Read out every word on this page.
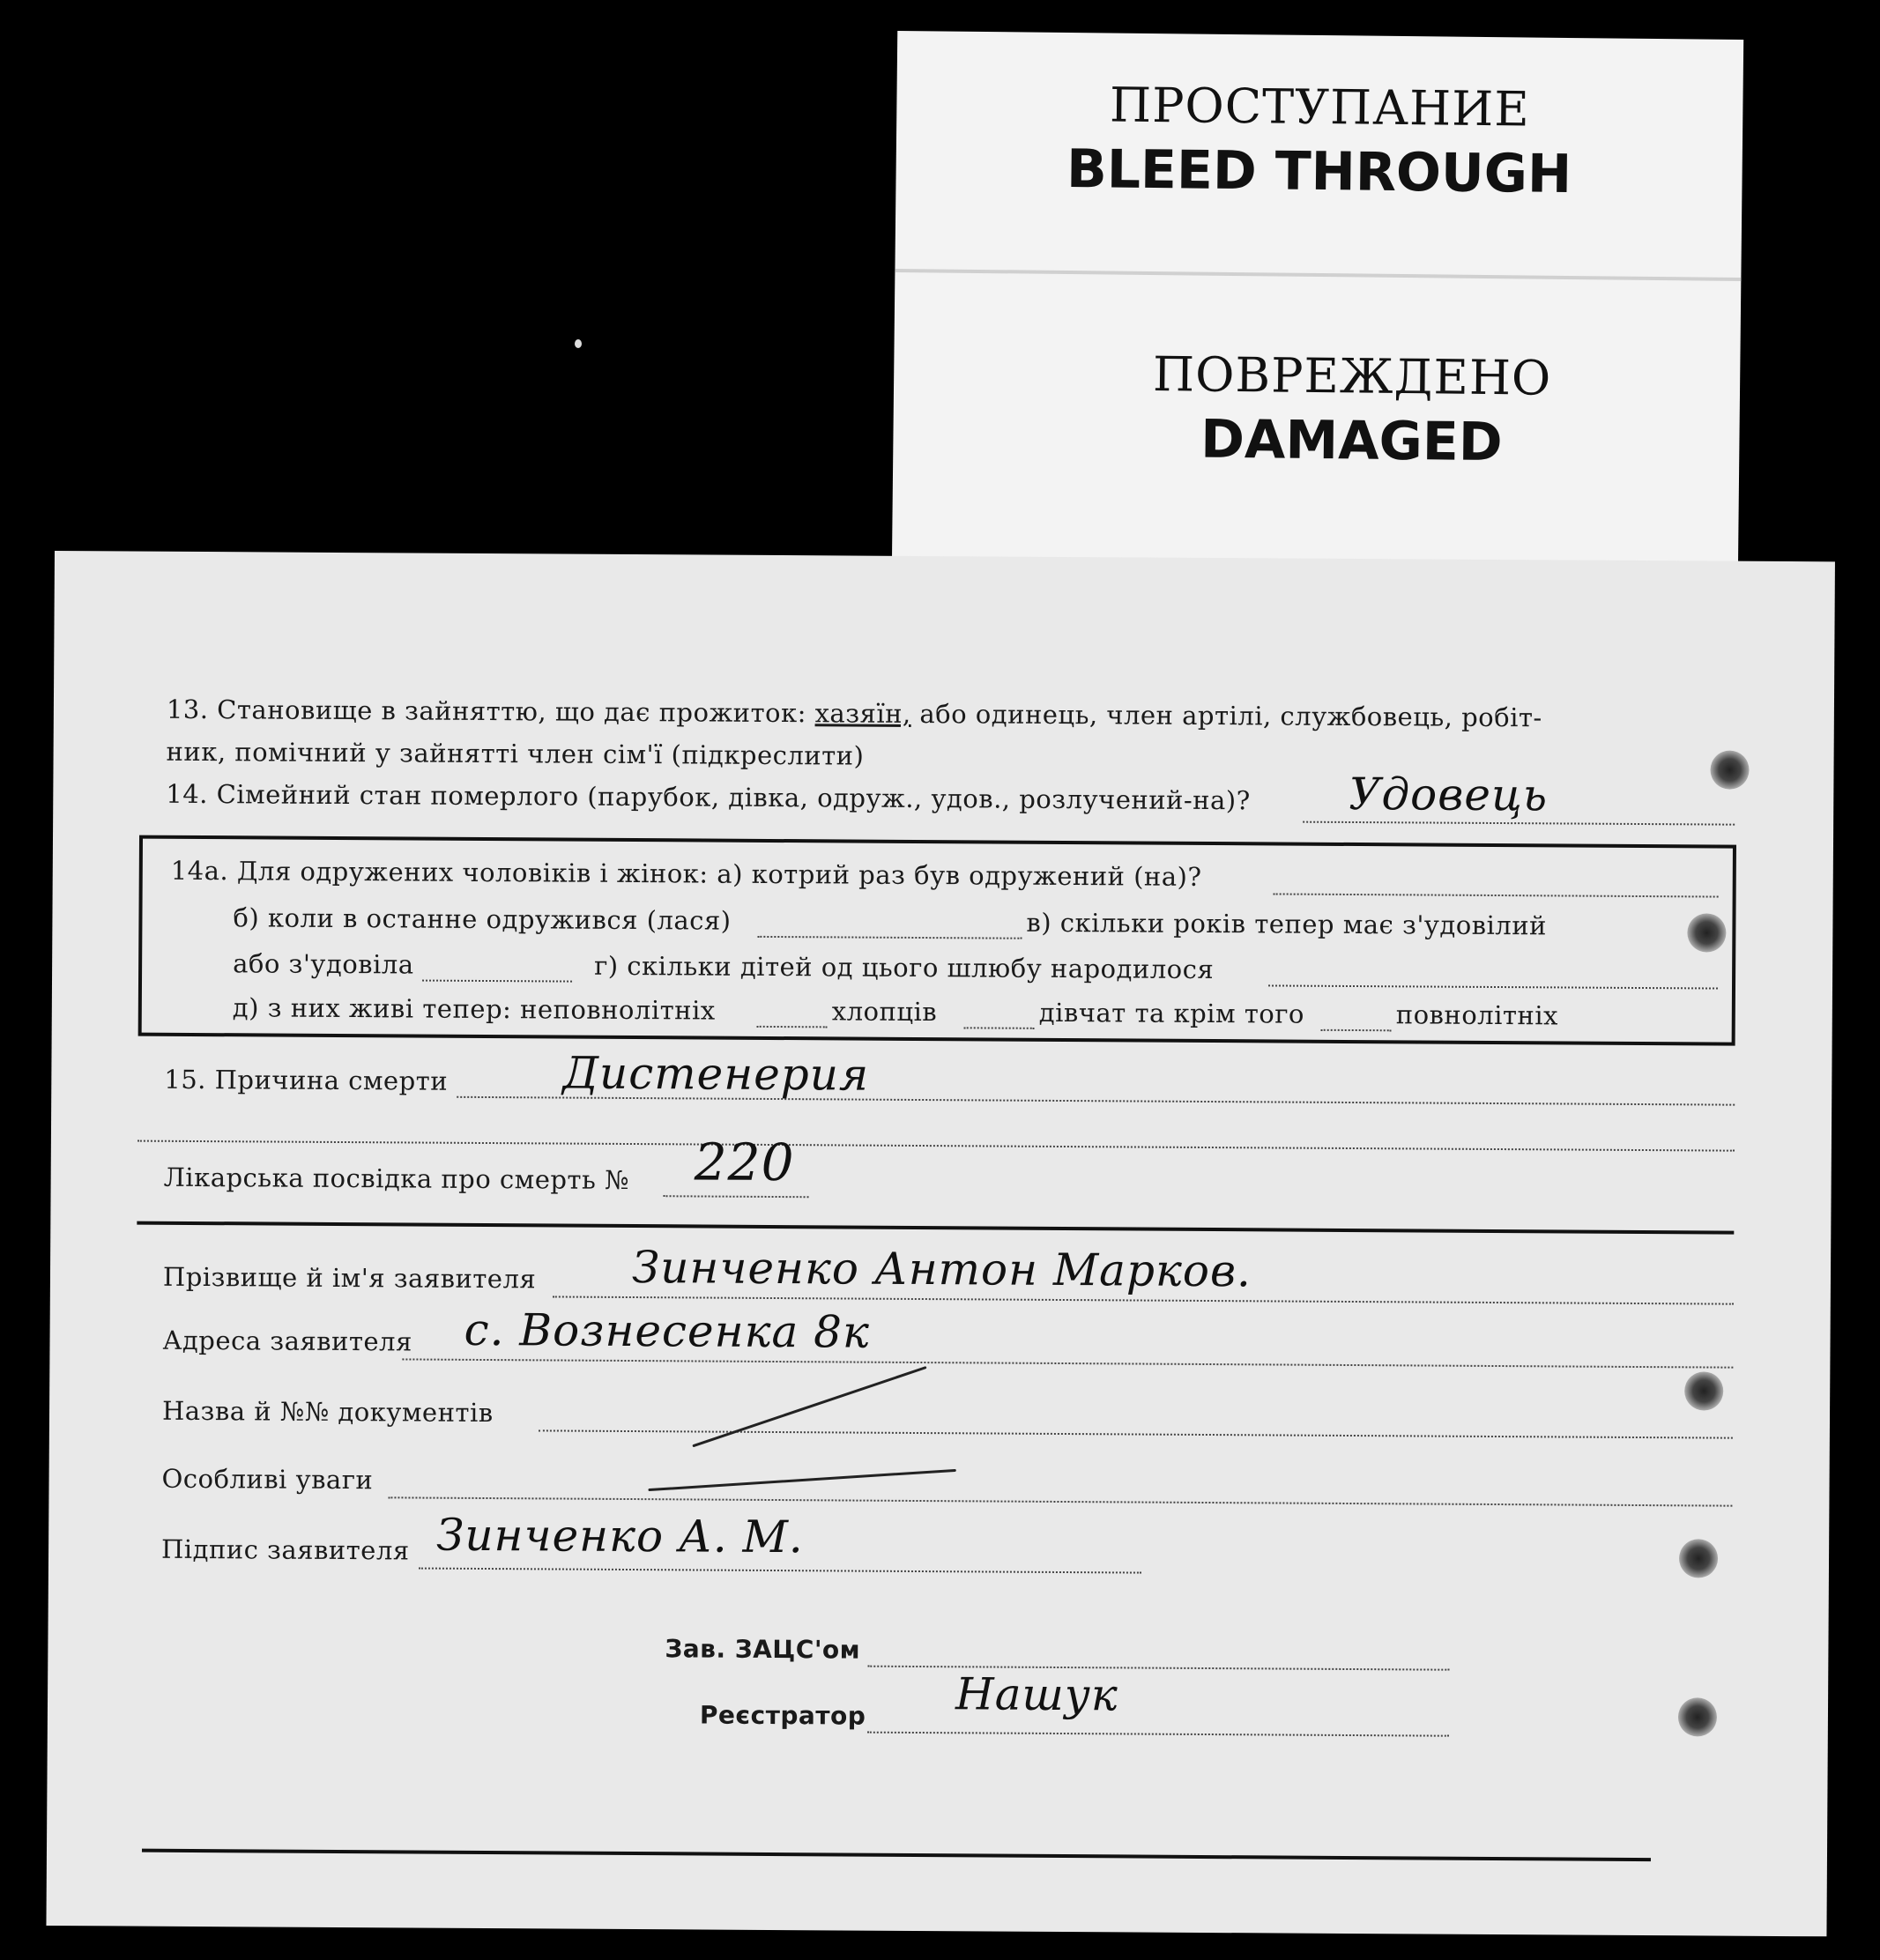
ПРОСТУПАНИЕ
BLEED THROUGH
ПОВРЕЖДЕНО
DAMAGED
13. Становище в зайняттю, що дає прожиток: хазяїн, або одинець, член артілі, службовець, робіт-
ник, помічний у зайнятті член сім'ї (підкреслити)
14. Сімейний стан померлого (парубок, дівка, одруж., удов., розлучений-на)? Удовець
14а. Для одружених чоловіків і жінок: а) котрий раз був одружений (на)?
б) коли в останне одружився (лася)	в) скільки років тепер має з'удовілий
або з'удовіла	г) скільки дітей од цього шлюбу народилося
д) з них живі тепер: неповнолітніх	хлопців	дівчат та крім того	повнолітніх
15. Причина смерти	Дистенерия
Лікарська посвідка про смерть № 220
Прізвище й ім'я заявителя Зинченко Антон Марков.
Адреса заявителя с. Вознесенка 8к
Назва й №№ документів
Особливі уваги
Підпис заявителя Зинченко А. М.
Зав. ЗАЦС'ом
Реєстратор Нашук
